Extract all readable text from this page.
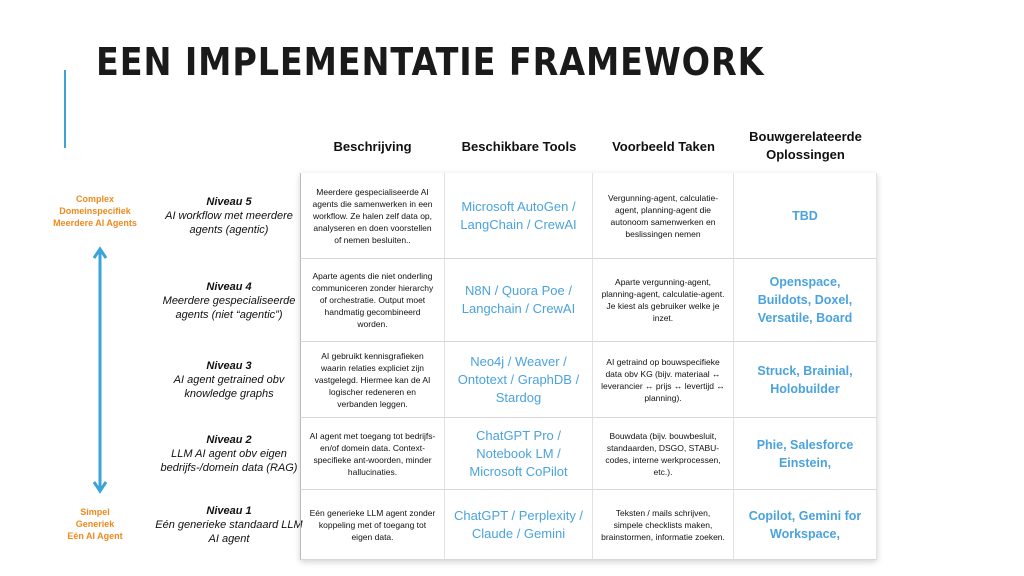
EEN IMPLEMENTATIE FRAMEWORK
Complex
Domeinspecifiek
Meerdere AI Agents
Simpel
Generiek
Eén AI Agent
Beschrijving	Beschikbare Tools	Voorbeeld Taken
Bouwgerelateerde Oplossingen
Niveau 5
AI workflow met meerdere agents (agentic)
Meerdere gespecialiseerde AI agents die samenwerken in een workflow. Ze halen zelf data op, analyseren en doen voorstellen of nemen besluiten..
Microsoft AutoGen / LangChain / CrewAI
Vergunning-agent, calculatie-agent, planning-agent die autonoom samenwerken en beslissingen nemen
TBD
Niveau 4
Meerdere gespecialiseerde agents (niet “agentic”)
Aparte agents die niet onderling communiceren zonder hierarchy of orchestratie. Output moet handmatig gecombineerd worden.
N8N / Quora Poe / Langchain / CrewAI
Aparte vergunning-agent, planning-agent, calculatie-agent. Je kiest als gebruiker welke je inzet.
Openspace, Buildots, Doxel, Versatile, Board
Niveau 3
AI agent getrained obv knowledge graphs
AI gebruikt kennisgrafieken waarin relaties expliciet zijn vastgelegd. Hiermee kan de AI logischer redeneren en verbanden leggen.
Neo4j / Weaver / Ontotext / GraphDB / Stardog
AI getraind op bouwspecifieke data obv KG (bijv. materiaal ↔ leverancier ↔ prijs ↔ levertijd ↔ planning).
Struck, Brainial, Holobuilder
Niveau 2
LLM AI agent obv eigen bedrijfs-/domein data (RAG)
AI agent met toegang tot bedrijfs- en/of domein data. Context-specifieke ant-woorden, minder hallucinaties.
ChatGPT Pro / Notebook LM / Microsoft CoPilot
Bouwdata (bijv. bouwbesluit, standaarden, DSGO, STABU-codes, interne werkprocessen, etc.).
Phie, Salesforce Einstein,
Niveau 1
Eén generieke standaard LLM AI agent
Eén generieke LLM agent zonder koppeling met of toegang tot eigen data.
ChatGPT / Perplexity / Claude / Gemini
Teksten / mails schrijven, simpele checklists maken, brainstormen, informatie zoeken.
Copilot, Gemini for Workspace,
